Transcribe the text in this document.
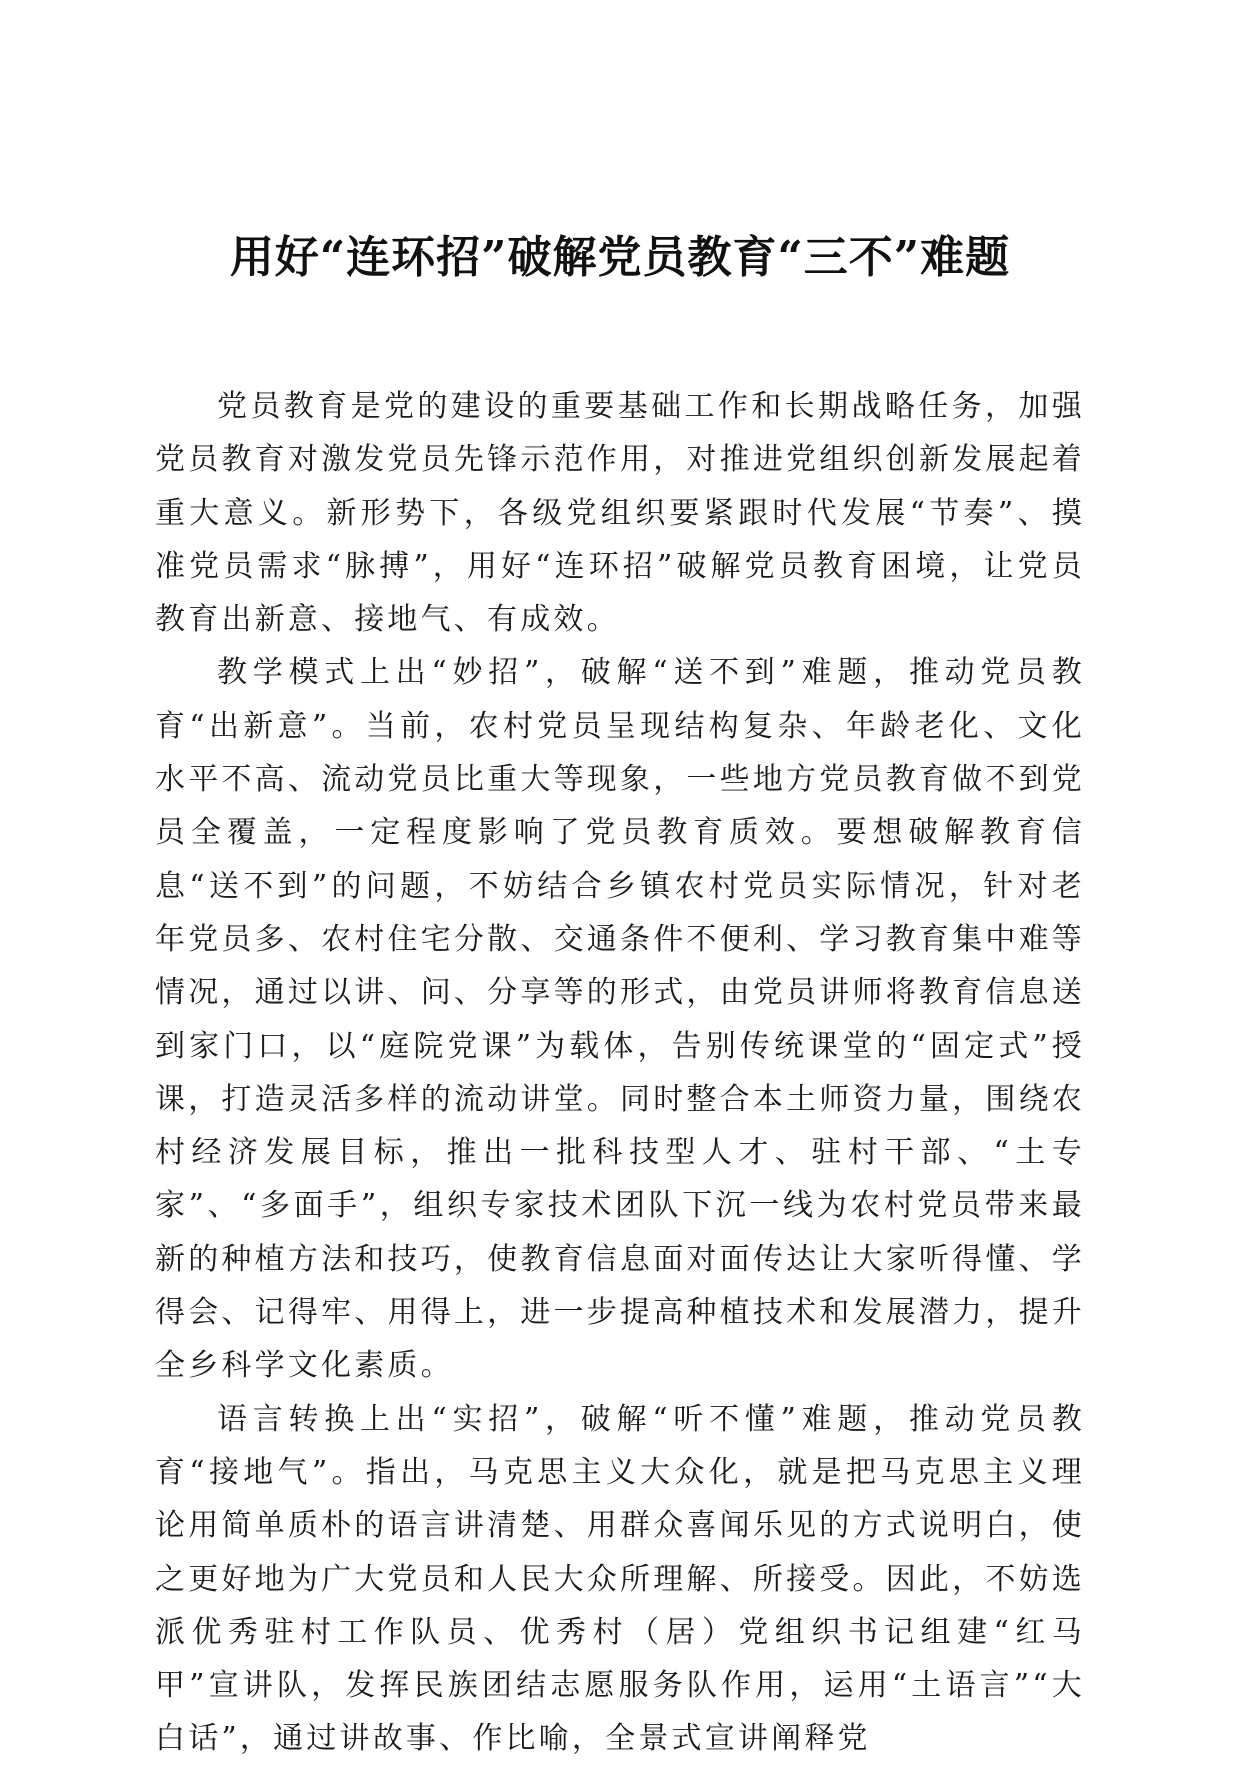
用好“连环招”破解党员教育“三不”难题

党员教育是党的建设的重要基础工作和长期战略任务，加强党员教育对激发党员先锋示范作用，对推进党组织创新发展起着重大意义。新形势下，各级党组织要紧跟时代发展“节奏”、摸准党员需求“脉搏”，用好“连环招”破解党员教育困境，让党员教育出新意、接地气、有成效。

教学模式上出“妙招”，破解“送不到”难题，推动党员教育“出新意”。当前，农村党员呈现结构复杂、年龄老化、文化水平不高、流动党员比重大等现象，一些地方党员教育做不到党员全覆盖，一定程度影响了党员教育质效。要想破解教育信息“送不到”的问题，不妨结合乡镇农村党员实际情况，针对老年党员多、农村住宅分散、交通条件不便利、学习教育集中难等情况，通过以讲、问、分享等的形式，由党员讲师将教育信息送到家门口，以“庭院党课”为载体，告别传统课堂的“固定式”授课，打造灵活多样的流动讲堂。同时整合本土师资力量，围绕农村经济发展目标，推出一批科技型人才、驻村干部、“土专家”、“多面手”，组织专家技术团队下沉一线为农村党员带来最新的种植方法和技巧，使教育信息面对面传达让大家听得懂、学得会、记得牢、用得上，进一步提高种植技术和发展潜力，提升全乡科学文化素质。

语言转换上出“实招”，破解“听不懂”难题，推动党员教育“接地气”。指出，马克思主义大众化，就是把马克思主义理论用简单质朴的语言讲清楚、用群众喜闻乐见的方式说明白，使之更好地为广大党员和人民大众所理解、所接受。因此，不妨选派优秀驻村工作队员、优秀村（居）党组织书记组建“红马甲”宣讲队，发挥民族团结志愿服务队作用，运用“土语言”“大白话”，通过讲故事、作比喻，全景式宣讲阐释党
